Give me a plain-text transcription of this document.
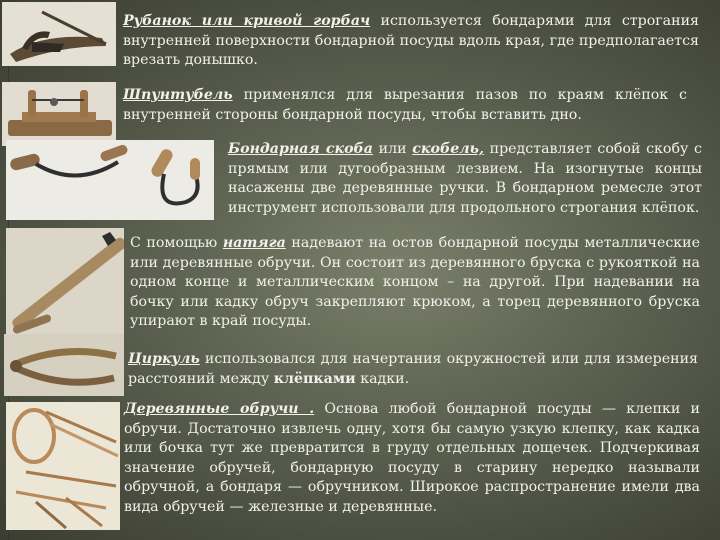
Рубанок или кривой горбач используется бондарями для строгания внутренней поверхности бондарной посуды вдоль края, где предполагается врезать донышко.

Шпунтубель применялся для вырезания пазов по краям клёпок с внутренней стороны бондарной посуды, чтобы вставить дно.

Бондарная скоба или скобель, представляет собой скобу с прямым или дугообразным лезвием. На изогнутые концы насажены две деревянные ручки. В бондарном ремесле этот инструмент использовали для продольного строгания клёпок.

С помощью натяга надевают на остов бондарной посуды металлические или деревянные обручи. Он состоит из деревянного бруска с рукояткой на одном конце и металлическим концом – на другой. При надевании на бочку или кадку обруч закрепляют крюком, а торец деревянного бруска упирают в край посуды.

Циркуль использовался для начертания окружностей или для измерения расстояний между клёпками кадки.

Деревянные обручи . Основа любой бондарной посуды — клепки и обручи. Достаточно извлечь одну, хотя бы самую узкую клепку, как кадка или бочка тут же превратится в груду отдельных дощечек. Подчеркивая значение обручей, бондарную посуду в старину нередко называли обручной, а бондаря — обручником. Широкое распространение имели два вида обручей — железные и деревянные.
